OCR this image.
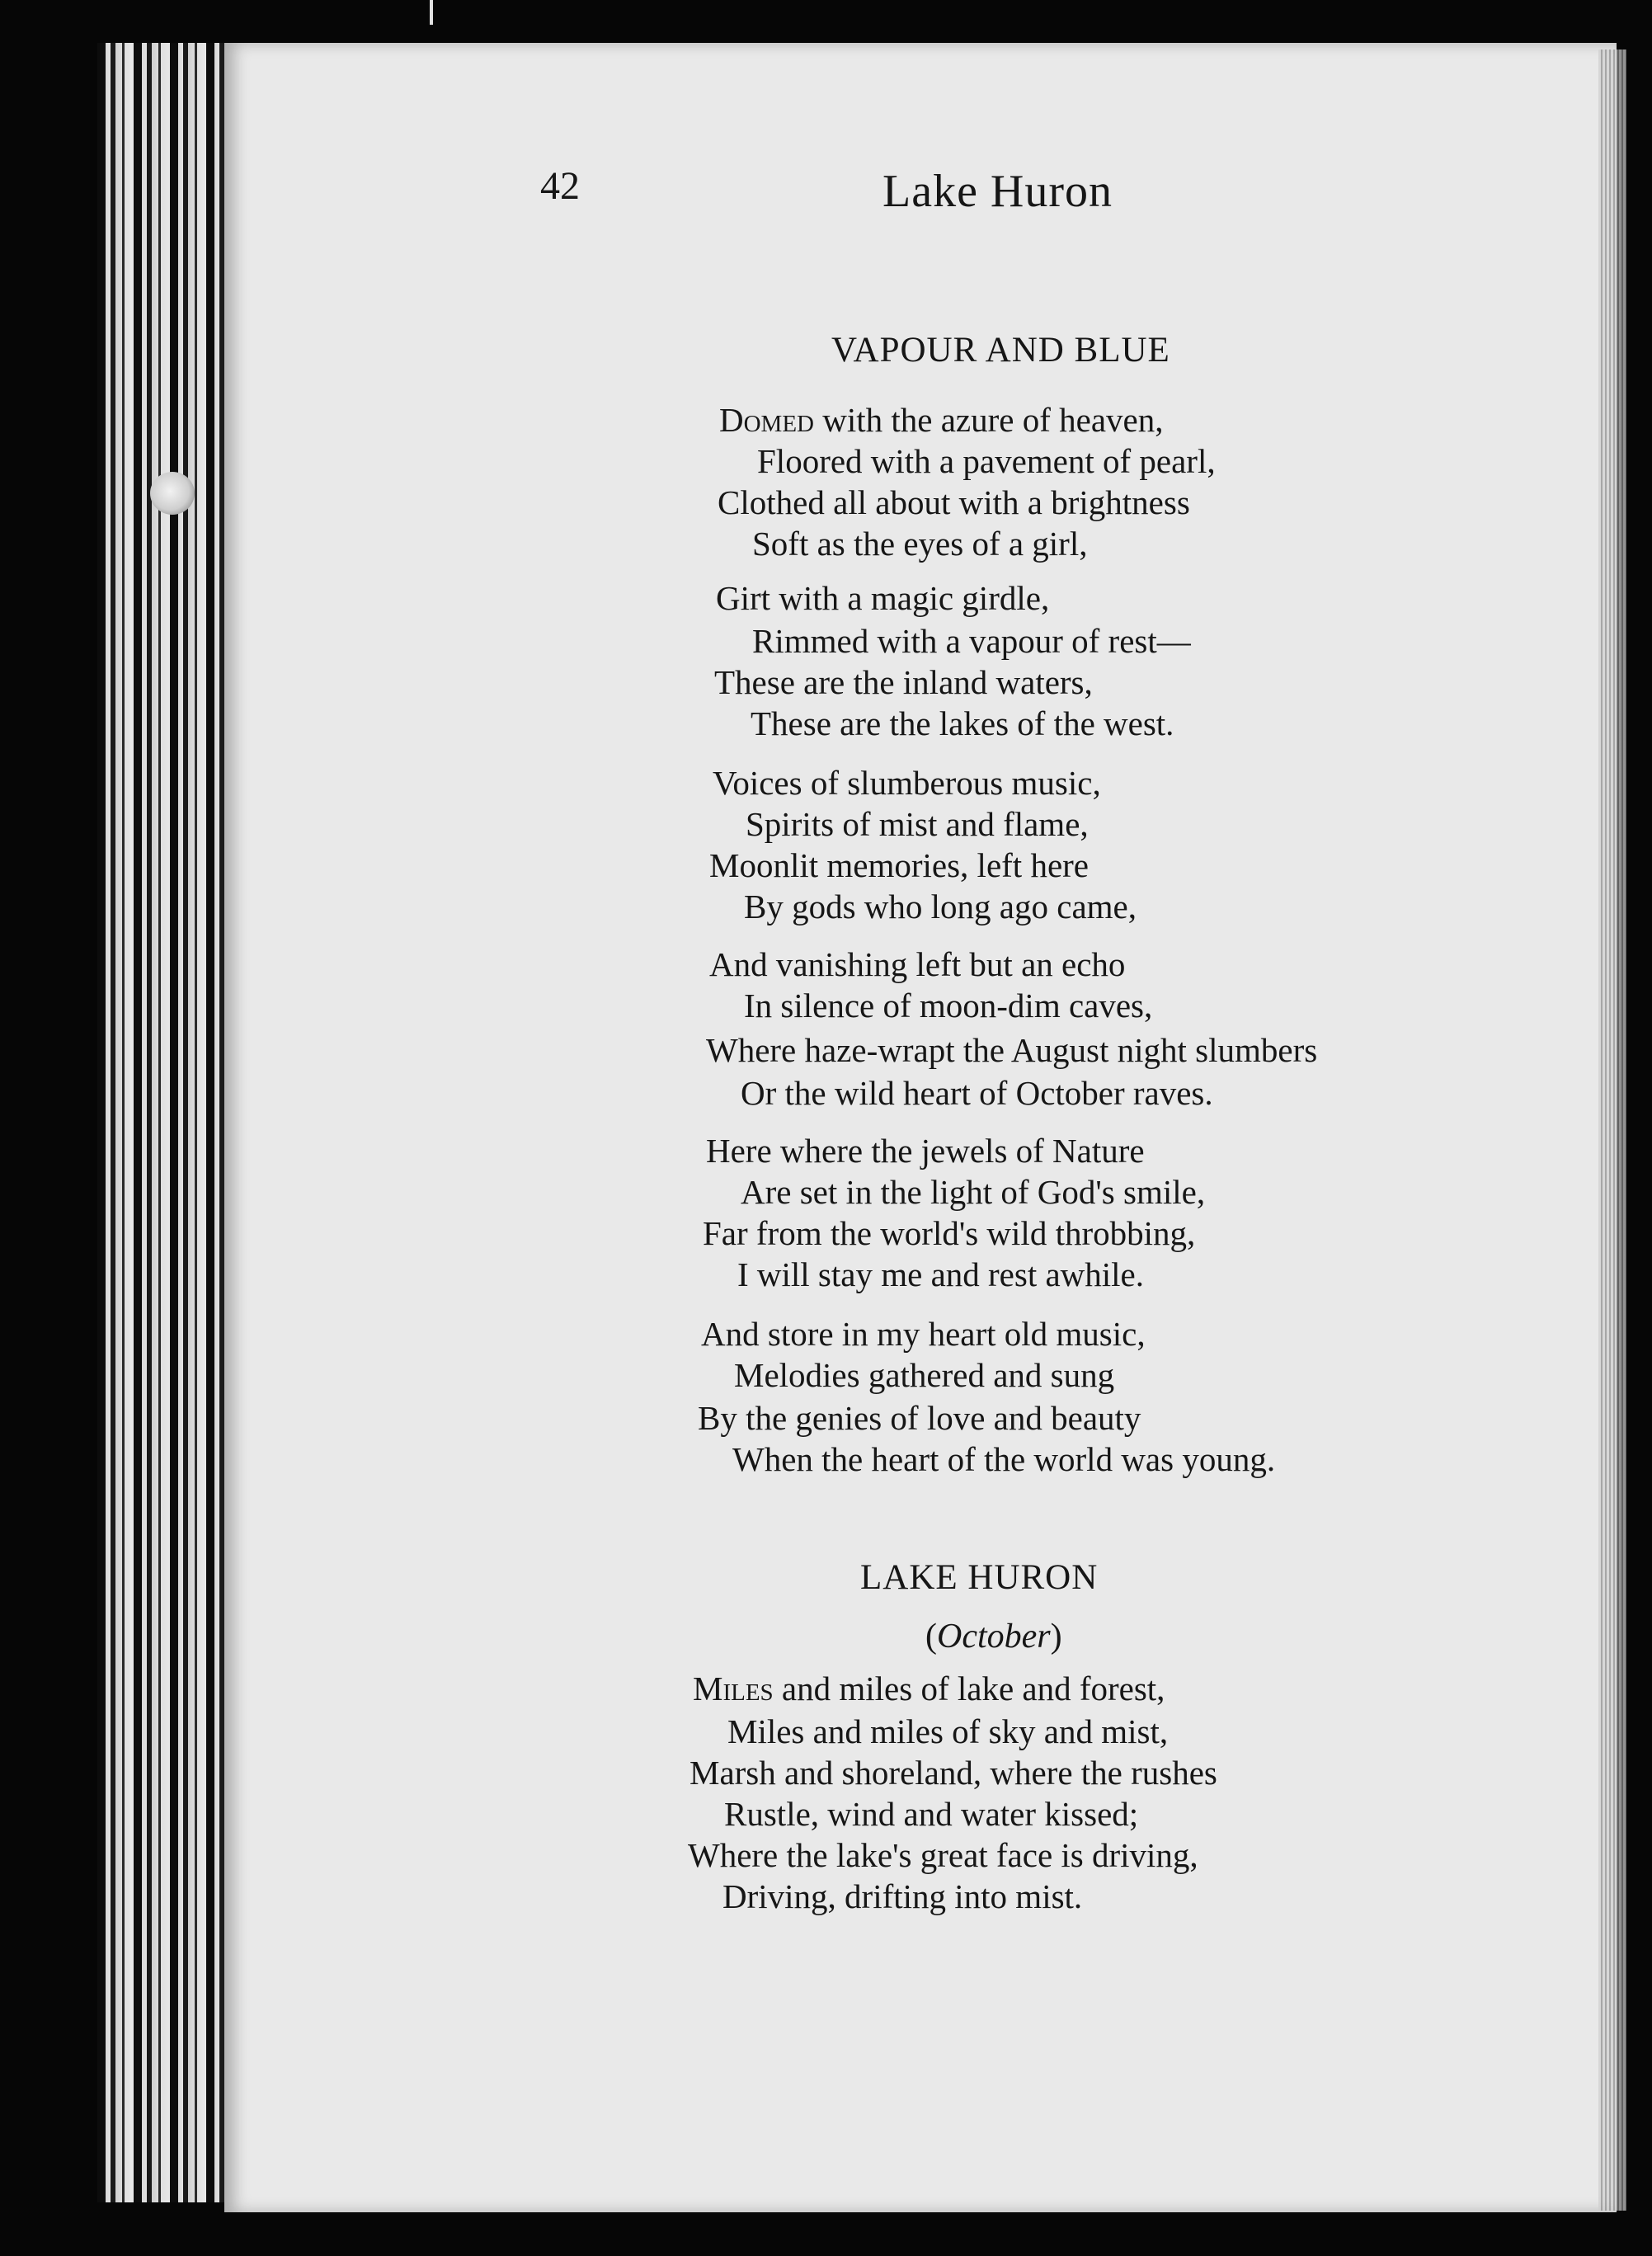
42	Lake Huron
VAPOUR AND BLUE
Domed with the azure of heaven,
Floored with a pavement of pearl,
Clothed all about with a brightness
Soft as the eyes of a girl,
Girt with a magic girdle,
Rimmed with a vapour of rest—
These are the inland waters,
These are the lakes of the west.
Voices of slumberous music,
Spirits of mist and flame,
Moonlit memories, left here
By gods who long ago came,
And vanishing left but an echo
In silence of moon-dim caves,
Where haze-wrapt the August night slumbers
Or the wild heart of October raves.
Here where the jewels of Nature
Are set in the light of God's smile,
Far from the world's wild throbbing,
I will stay me and rest awhile.
And store in my heart old music,
Melodies gathered and sung
By the genies of love and beauty
When the heart of the world was young.
LAKE HURON
(October)
Miles and miles of lake and forest,
Miles and miles of sky and mist,
Marsh and shoreland, where the rushes
Rustle, wind and water kissed;
Where the lake's great face is driving,
Driving, drifting into mist.
